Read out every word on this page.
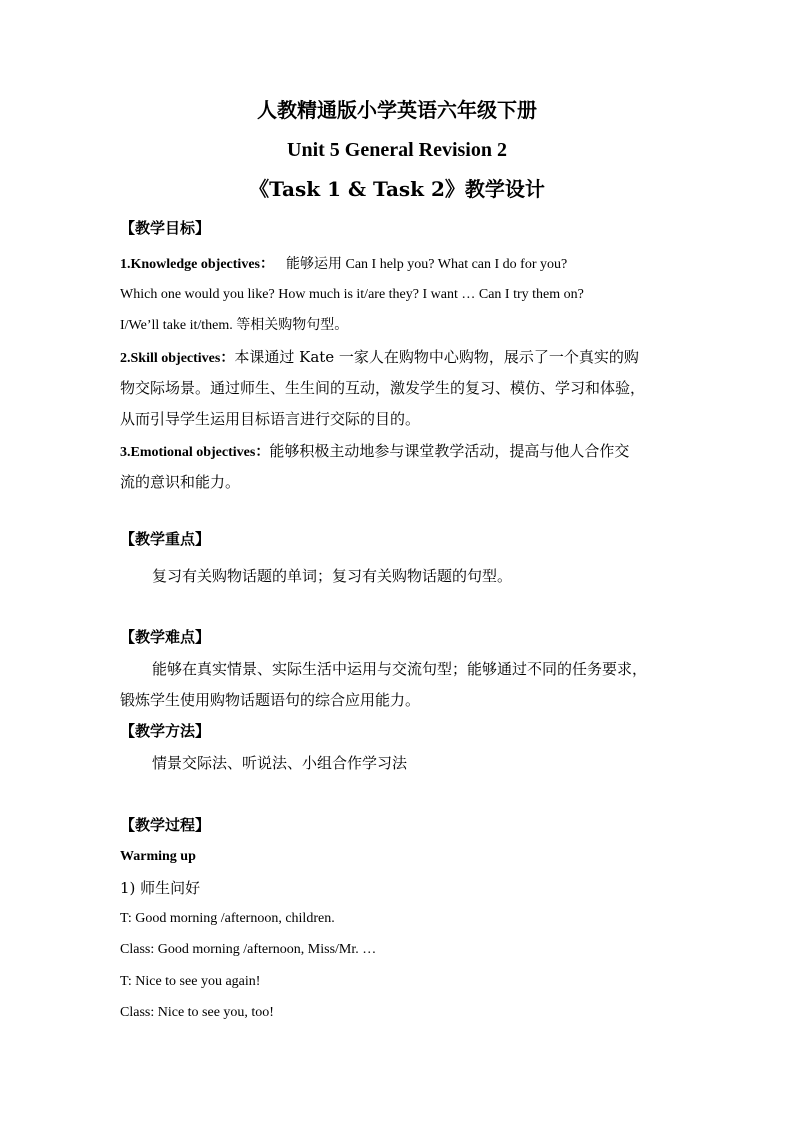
人教精通版小学英语六年级下册
Unit 5 General Revision 2
《Task 1 & Task 2》教学设计
【教学目标】
1.Knowledge objectives： 能够运用 Can I help you? What can I do for you?
Which one would you like? How much is it/are they? I want … Can I try them on?
I/We’ll take it/them. 等相关购物句型。
2.Skill objectives：本课通过 Kate 一家人在购物中心购物，展示了一个真实的购
物交际场景。通过师生、生生间的互动，激发学生的复习、模仿、学习和体验，
从而引导学生运用目标语言进行交际的目的。
3.Emotional objectives：能够积极主动地参与课堂教学活动，提高与他人合作交
流的意识和能力。
【教学重点】
复习有关购物话题的单词；复习有关购物话题的句型。
【教学难点】
能够在真实情景、实际生活中运用与交流句型；能够通过不同的任务要求，
锻炼学生使用购物话题语句的综合应用能力。
【教学方法】
情景交际法、听说法、小组合作学习法
【教学过程】
Warming up
1) 师生问好
T: Good morning /afternoon, children.
Class: Good morning /afternoon, Miss/Mr. …
T: Nice to see you again!
Class: Nice to see you, too!
